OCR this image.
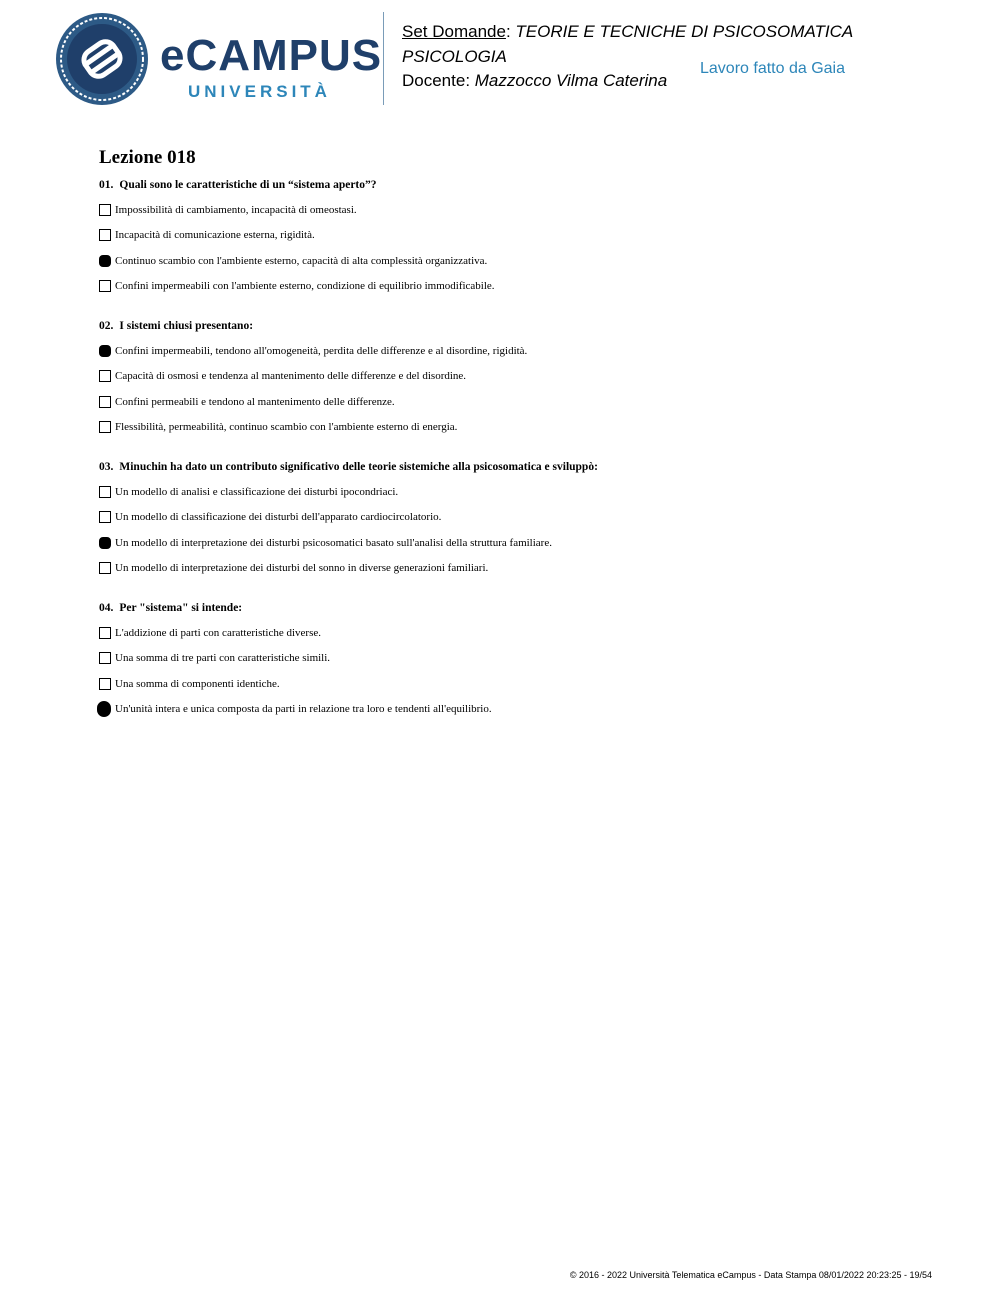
eCAMPUS
UNIVERSITÀ
Set Domande: TEORIE E TECNICHE DI PSICOSOMATICA PSICOLOGIA
Docente: Mazzocco Vilma Caterina
Lavoro fatto da Gaia
Lezione 018
01. Quali sono le caratteristiche di un “sistema aperto”?
Impossibilità di cambiamento, incapacità di omeostasi.
Incapacità di comunicazione esterna, rigidità.
Continuo scambio con l'ambiente esterno, capacità di alta complessità organizzativa.
Confini impermeabili con l'ambiente esterno, condizione di equilibrio immodificabile.
02. I sistemi chiusi presentano:
Confini impermeabili, tendono all'omogeneità, perdita delle differenze e al disordine, rigidità.
Capacità di osmosi e tendenza al mantenimento delle differenze e del disordine.
Confini permeabili e tendono al mantenimento delle differenze.
Flessibilità, permeabilità, continuo scambio con l'ambiente esterno di energia.
03. Minuchin ha dato un contributo significativo delle teorie sistemiche alla psicosomatica e sviluppò:
Un modello di analisi e classificazione dei disturbi ipocondriaci.
Un modello di classificazione dei disturbi dell'apparato cardiocircolatorio.
Un modello di interpretazione dei disturbi psicosomatici basato sull'analisi della struttura familiare.
Un modello di interpretazione dei disturbi del sonno in diverse generazioni familiari.
04. Per "sistema" si intende:
L'addizione di parti con caratteristiche diverse.
Una somma di tre parti con caratteristiche simili.
Una somma di componenti identiche.
Un'unità intera e unica composta da parti in relazione tra loro e tendenti all'equilibrio.
© 2016 - 2022 Università Telematica eCampus - Data Stampa 08/01/2022 20:23:25 - 19/54
